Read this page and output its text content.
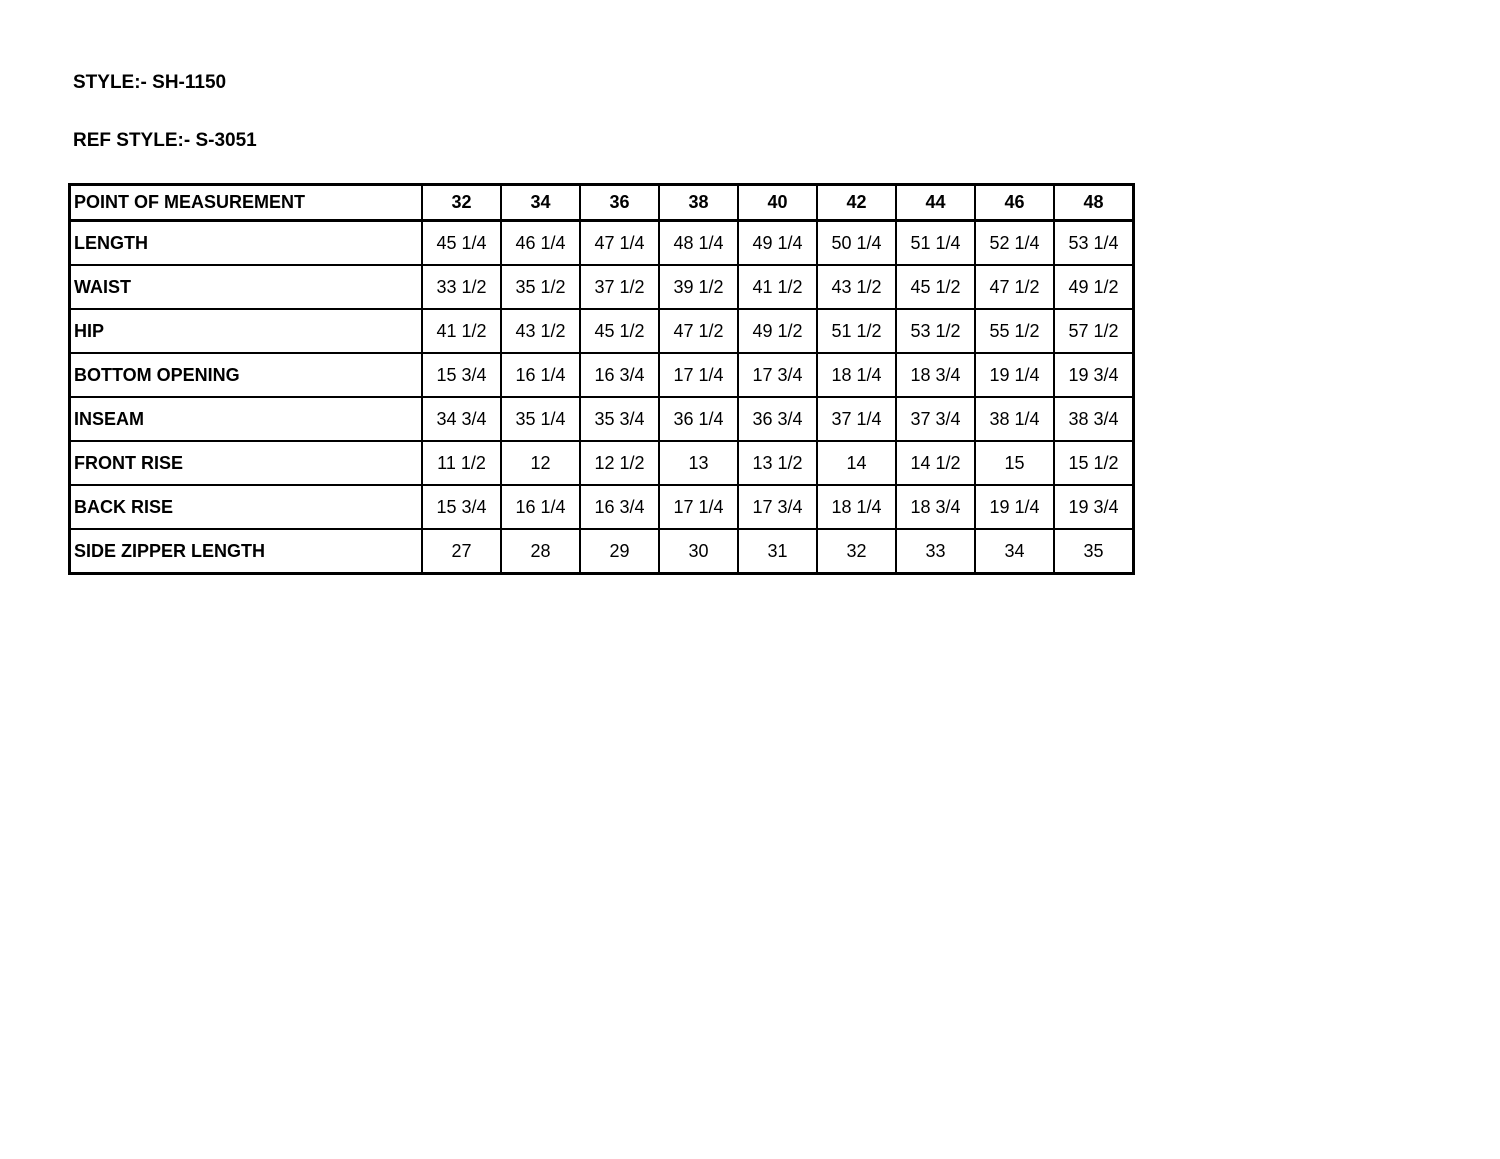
STYLE:- SH-1150
REF STYLE:- S-3051
POINT OF MEASUREMENT	32	34	36	38	40	42	44	46	48
LENGTH	45 1/4	46 1/4	47 1/4	48 1/4	49 1/4	50 1/4	51 1/4	52 1/4	53 1/4
WAIST	33 1/2	35 1/2	37 1/2	39 1/2	41 1/2	43 1/2	45 1/2	47 1/2	49 1/2
HIP	41 1/2	43 1/2	45 1/2	47 1/2	49 1/2	51 1/2	53 1/2	55 1/2	57 1/2
BOTTOM OPENING	15 3/4	16 1/4	16 3/4	17 1/4	17 3/4	18 1/4	18 3/4	19 1/4	19 3/4
INSEAM	34 3/4	35 1/4	35 3/4	36 1/4	36 3/4	37 1/4	37 3/4	38 1/4	38 3/4
FRONT RISE	11 1/2	12	12 1/2	13	13 1/2	14	14 1/2	15	15 1/2
BACK RISE	15 3/4	16 1/4	16 3/4	17 1/4	17 3/4	18 1/4	18 3/4	19 1/4	19 3/4
SIDE ZIPPER LENGTH	27	28	29	30	31	32	33	34	35
